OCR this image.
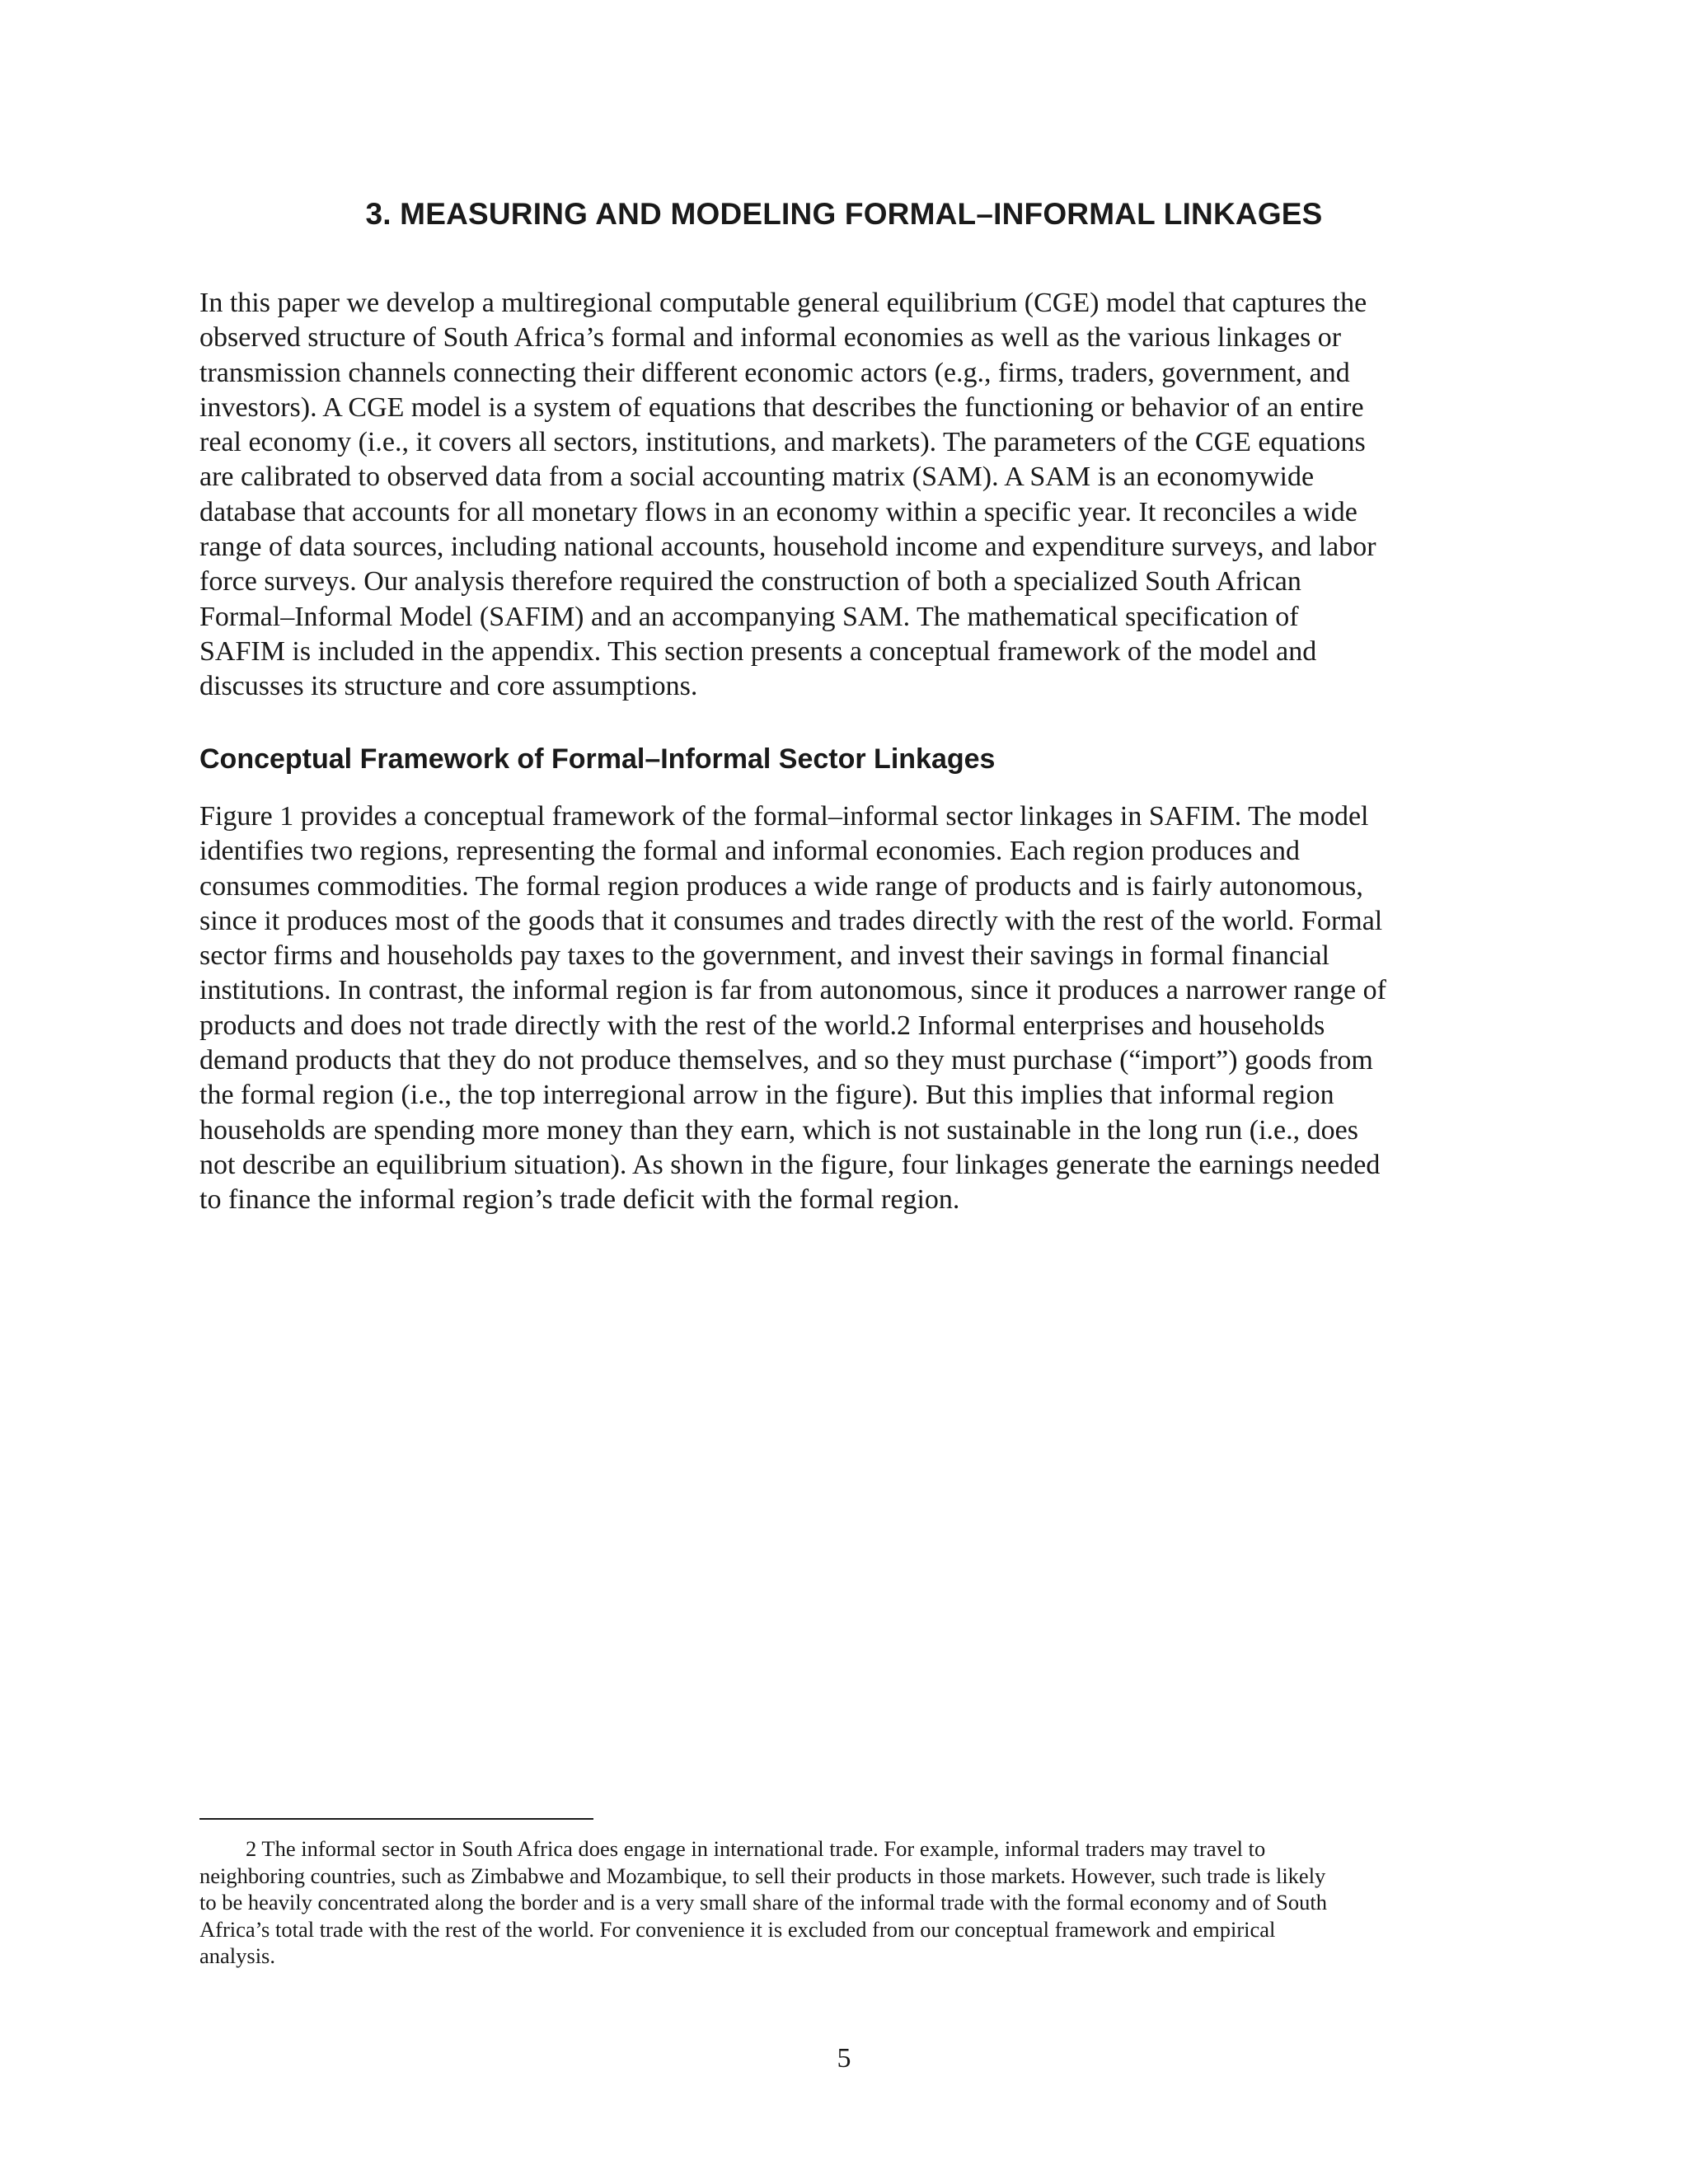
3. MEASURING AND MODELING FORMAL–INFORMAL LINKAGES

In this paper we develop a multiregional computable general equilibrium (CGE) model that captures the
observed structure of South Africa’s formal and informal economies as well as the various linkages or
transmission channels connecting their different economic actors (e.g., firms, traders, government, and
investors). A CGE model is a system of equations that describes the functioning or behavior of an entire
real economy (i.e., it covers all sectors, institutions, and markets). The parameters of the CGE equations
are calibrated to observed data from a social accounting matrix (SAM). A SAM is an economywide
database that accounts for all monetary flows in an economy within a specific year. It reconciles a wide
range of data sources, including national accounts, household income and expenditure surveys, and labor
force surveys. Our analysis therefore required the construction of both a specialized South African
Formal–Informal Model (SAFIM) and an accompanying SAM. The mathematical specification of
SAFIM is included in the appendix. This section presents a conceptual framework of the model and
discusses its structure and core assumptions.

Conceptual Framework of Formal–Informal Sector Linkages

Figure 1 provides a conceptual framework of the formal–informal sector linkages in SAFIM. The model
identifies two regions, representing the formal and informal economies. Each region produces and
consumes commodities. The formal region produces a wide range of products and is fairly autonomous,
since it produces most of the goods that it consumes and trades directly with the rest of the world. Formal
sector firms and households pay taxes to the government, and invest their savings in formal financial
institutions. In contrast, the informal region is far from autonomous, since it produces a narrower range of
products and does not trade directly with the rest of the world.2 Informal enterprises and households
demand products that they do not produce themselves, and so they must purchase (“import”) goods from
the formal region (i.e., the top interregional arrow in the figure). But this implies that informal region
households are spending more money than they earn, which is not sustainable in the long run (i.e., does
not describe an equilibrium situation). As shown in the figure, four linkages generate the earnings needed
to finance the informal region’s trade deficit with the formal region.

2 The informal sector in South Africa does engage in international trade. For example, informal traders may travel to
neighboring countries, such as Zimbabwe and Mozambique, to sell their products in those markets. However, such trade is likely
to be heavily concentrated along the border and is a very small share of the informal trade with the formal economy and of South
Africa’s total trade with the rest of the world. For convenience it is excluded from our conceptual framework and empirical
analysis.

5
